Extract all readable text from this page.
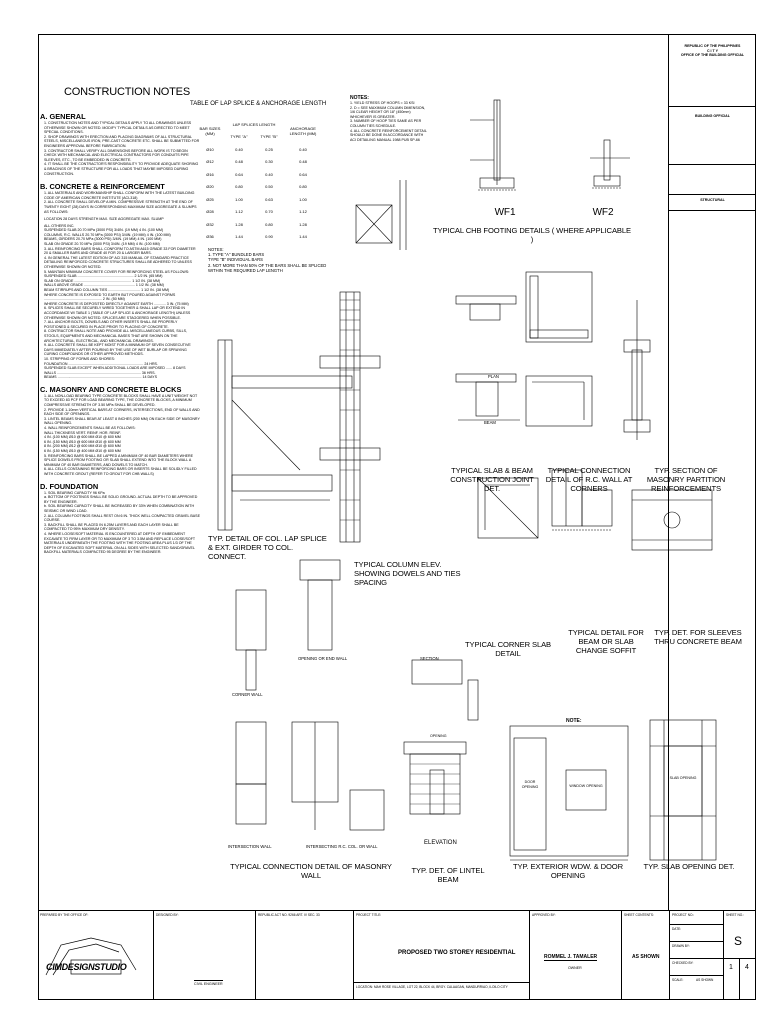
CONSTRUCTION NOTES
A. GENERAL
1. CONSTRUCTION NOTES AND TYPICAL DETAILS APPLY TO ALL DRAWINGS UNLESS OTHERWISE SHOWN OR NOTED. MODIFY TYPICAL DETAILS AS DIRECTED TO MEET SPECIAL CONDITIONS.
2. SHOP DRAWINGS WITH ERECTION AND PLACING DIAGRAMS OF ALL STRUCTURAL STEELS, MISCELLANEOUS IRON, PRE-CAST CONCRETE ETC. SHALL BE SUBMITTED FOR ENGINEERS APPROVAL BEFORE FABRICATION.
3. CONTRACTOR SHALL VERIFY ALL DIMENSIONS BEFORE ALL WORK IS TO BEGIN CHECK WITH MECHANICAL AND ELECTRICAL CONTRACTORS FOR CONDUITS PIPE SLEEVES, ETC., TO BE EMBEDDED IN CONCRETE.
4. IT SHALL BE THE CONTRACTOR'S RESPONSIBILITY TO PROVIDE ADEQUATE SHORING & BRACINGS OF THE STRUCTURE FOR ALL LOADS THAT MAYBE IMPOSED DURING CONSTRUCTION.
B. CONCRETE & REINFORCEMENT
1. ALL MATERIALS AND WORKMANSHIP SHALL CONFORM WITH THE LATEST BUILDING CODE OF AMERICAN CONCRETE INSTITUTE (ACI-318)
2. ALL CONCRETE SHALL DEVELOP A MIN. COMPRESSIVE STRENGTH AT THE END OF TWENTY EIGHT (28) DAYS IN CORRESPONDING MAXIMUM SIZE AGGREGATE & SLUMPS AS FOLLOWS:
LOCATION 28 DAYS STRENGTH MAX. SIZE AGGREGATE MAX. SLUMP
ALL OTHERS INC.
SUSPENDED SLAB 20.70 MPa (3000 PSI) 3/4IN. (19 MM) 4 IN. (100 MM)
COLUMNS, R.C. WALLS 20.70 MPa (3000 PSI) 3/4IN. (19 MM) 4 IN. (100 MM)
BEAMS, GIRDERS 20.70 MPa (3000 PSI) 3/4IN. (19 MM) 4 IN. (100 MM)
SLAB ON GRADE 20.70 MPa (3000 PSI) 3/4IN. (19 MM) 4 IN. (100 MM)
3. ALL REINFORCING BARS SHALL CONFORM TO ASTM A615 GRADE 33 FOR DIAMETER 20 & SMALLER BARS AND GRADE 40 FOR 20 & LARGER BARS.
4. IN GENERAL THE LATEST EDITION OF ACI 315 MANUAL OF STANDARD PRACTICE DETAILING REINFORCED CONCRETE STRUCTURES SHALL BE ADHERED TO UNLESS OTHERWISE SHOWN OR NOTED.
5. MAINTAIN MINIMUM CONCRETE COVER FOR REINFORCING STEEL AS FOLLOWS:
SUSPENDED SLAB ........................................................ 2 1/2 IN. (65 MM)
SLAB ON GRADE ......................................................... 1 1/2 IN. (38 MM)
WALLS ABOVE GRADE ................................................... 1 1/2 IN. (38 MM)
BEAM STIRRUPS AND COLUMN TIES ................................ 1 1/2 IN. (38 MM)
WHERE CONCRETE IS EXPOSED TO EARTH BUT POURED AGAINST FORMS .......................................................... 2 IN. (50 MM)
WHERE CONCRETE IS DEPOSITED DIRECTLY AGAINST EARTH ............ 3 IN. (75 MM)
6. SPLICES SHALL BE SECURELY WIRED TOGETHER & SHALL LAP OR EXTEND IN ACCORDANCE W/ TABLE 1 (TABLE OF LAP SPLICE & ANCHORAGE LENGTH) UNLESS OTHERWISE SHOWN OR NOTED. SPLICES ARE STAGGERED WHEN POSSIBLE.
7. ALL ANCHOR BOLTS, DOWELS AND OTHER INSERTS SHALL BE PROPERLY POSITIONED & SECURED IN PLACE PRIOR TO PLACING OF CONCRETE.
8. CONTRACTOR SHALL NOTE AND PROVIDE ALL MISCELLANEOUS CURBS, SILLS, STOOLS, EQUIPMENTS AND MECHANICAL BASES THAT ARE SHOWN ON THE ARCHITECTURAL, ELECTRICAL, AND MECHANICAL DRAWINGS.
9. ALL CONCRETE SHALL BE KEPT MOIST FOR A MINIMUM OF SEVEN CONSECUTIVE DAYS IMMEDIATELY AFTER POURING BY THE USE OF WET BURLAP OR SPRAYING CURING COMPOUNDS OR OTHER APPROVED METHODS.
10. STRIPPING OF FORMS AND SHORES:
FOUNDATION ........................................................................... 24 HRS.
SUSPENDED SLAB EXCEPT WHEN ADDITIONAL LOADS ARE IMPOSED ...... 8 DAYS
WALLS .................................................................................... 36 HRS.
BEAMS .................................................................................... 14 DAYS
C. MASONRY AND CONCRETE BLOCKS
1. ALL NON-LOAD BEARING TYPE CONCRETE BLOCKS SHALL HAVE A UNIT WEIGHT NOT TO EXCEED 83 PCF FOR LOAD BEARING TYPE, THE CONCRETE BLOCKS, A MINIMUM COMPRESSIVE STRENGTH OF 3.50 MPa SHALL BE DEVELOPED.
2. PROVIDE 1-10mm VERTICAL BARS AT CORNERS, INTERSECTIONS, END OF WALLS AND EACH SIDE OF OPENINGS.
3. LINTEL BEAMS SHALL BEAR AT LEAST 8 INCHES (200 MM) ON EACH SIDE OF MASONRY WALL OPENING.
4. WALL REINFORCEMENTS SHALL BE AS FOLLOWS:
WALL THICKNESS VERT. REINF. HOR. REINF.
4 IN. (100 MM) Ø10 @ 600 MM Ø10 @ 600 MM
6 IN. (150 MM) Ø10 @ 600 MM Ø10 @ 600 MM
8 IN. (200 MM) Ø12 @ 600 MM Ø10 @ 600 MM
6 IN. (150 MM) Ø10 @ 400 MM Ø10 @ 600 MM
5. REINFORCING BARS SHALL BE LAPPED A MINIMUM OF 40 BAR DIAMETERS WHERE SPLICE DOWELS FROM FOOTING OR SLAB SHALL EXTEND INTO THE BLOCK WALL A MINIMUM OF 40 BAR DIAMETERS, AND DOWELS TO MATCH.
6. ALL CELLS CONTAINING REINFORCING BARS OR INSERTS SHALL BE SOLIDLY FILLED WITH CONCRETE GROUT (REFER TO GROUT FOR CHB WALLS)
D. FOUNDATION
1. SOIL BEARING CAPACITY 96 KPa
a. BOTTOM OF FOOTINGS SHALL BE SOLID GROUND. ACTUAL DEPTH TO BE APPROVED BY THE ENGINEER.
b. SOIL BEARING CAPACITY SHALL BE INCREASED BY 33% WHEN COMBINATION WITH SEISMIC OR WIND LOAD.
2. ALL COLUMN FOOTINGS SHALL REST ON 6 IN. THICK WELL COMPACTED GRAVEL BASE COURSE.
3. BACKFILL SHALL BE PLACED IN 6.25M LAYERS AND EACH LAYER SHALL BE COMPACTED TO 95% MAXIMUM DRY DENSITY.
4. WHERE LOOSE/SOFT MATERIAL IS ENCOUNTERED AT DEPTH OF EMBEDMENT EXCAVATE TO FIRM LAYER OR TO MAXIMUM OF 3 TO 3.5M AND REPLACE LOOSE/SOFT MATERIALS UNDERNEATH THE FOOTING WITH THE FOOTING AREA PLUS 1/3 OF THE DEPTH OF EXCAVATED SOFT MATERIAL ON ALL SIDES WITH SELECTED SAND/GRAVEL BACKFILL MATERIALS COMPACTED 95 DEGREE BY THE ENGINEER.
TABLE OF LAP SPLICE & ANCHORAGE LENGTH
BAR SIZES (MM)	LAP SPLICES LENGTH		ANCHORAGE LENGTH (MM)
	TYPE "A"	TYPE "B"	
Ø10	0.40	0.25	0.40
Ø12	0.48	0.30	0.48
Ø16	0.64	0.40	0.64
Ø20	0.80	0.50	0.80
Ø25	1.00	0.63	1.00
Ø28	1.12	0.70	1.12
Ø32	1.28	0.80	1.28
Ø36	1.44	0.90	1.44
NOTES:
1. TYPE "A" BUNDLED BARS
TYPE "B" INDIVIDUAL BARS
2. NOT MORE THAN 50% OF THE BARS SHALL BE SPLICED WITHIN THE REQUIRED LAP LENGTH
NOTES:
1. YIELD STRESS OF HOOPS = 33 KSI
2. D = SEE MAXIMUM COLUMN DIMENSION, 1/6 CLEAR HEIGHT OR 18" (450mm) WHICHEVER IS GREATER.
3. NUMBER OF HOOP TIES SAME AS PER COLUMN TIES SCHEDULE.
4. ALL CONCRETE REINFORCEMENT DETAIL SHOULD BE DONE IN ACCORDANCE WITH ACI DETAILING MANUAL 1988 PUB SP-66
REPUBLIC OF THE PHILIPPINES
C I T Y
OFFICE OF THE BUILDING OFFICIAL
BUILDING OFFICIAL
STRUCTURAL
TYPICAL CHB FOOTING DETAILS ( WHERE APPLICABLE )
WF1	WF2
TYP. DETAIL OF COL. LAP SPLICE & EXT. GIRDER TO COL. CONNECT.
TYPICAL COLUMN ELEV. SHOWING DOWELS AND TIES SPACING
TYPICAL SLAB & BEAM CONSTRUCTION JOINT DET.
TYPICAL CONNECTION DETAIL OF R.C. WALL AT CORNERS
TYP. SECTION OF MASONRY PARTITION REINFORCEMENTS
TYPICAL CORNER SLAB DETAIL
TYPICAL DETAIL FOR BEAM OR SLAB CHANGE SOFFIT
TYP. DET. FOR SLEEVES THRU CONCRETE BEAM
TYPICAL CONNECTION DETAIL OF MASONRY WALL
TYP. DET. OF LINTEL BEAM
TYP. EXTERIOR WDW. & DOOR OPENING
TYP. SLAB OPENING DET.
CORNER WALL
OPENING OR END WALL
INTERSECTION WALL	INTERSECTING R.C. COL. OR WALL
ELEVATION
SECTION
PLAN
BEAM
NOTE:
DOOR OPENING	WINDOW OPENING
OPENING
SLAB OPENING
PREPARED BY THE OFFICE OF:
CIMDESIGNSTUDIO
DESIGNED BY:
CIVIL ENGINEER
REPUBLIC ACT NO. 9266 ART. IV SEC. 33	PROJECT TITLE:
PROPOSED TWO STOREY RESIDENTIAL
LOCATION: MAH ROSE VILLAGE, LOT 22, BLOCK 44, BRGY. CALAAGAN, MANDURRIAO, ILOILO CITY
APPROVED BY:
ROMMEL J. TAMALER
OWNER
SHEET CONTENTS:
AS SHOWN
PROJECT NO.:
DATE:
DRAWN BY:
CHECKED BY:
SCALE:	AS SHOWN
SHEET NO.:
S
1 4
